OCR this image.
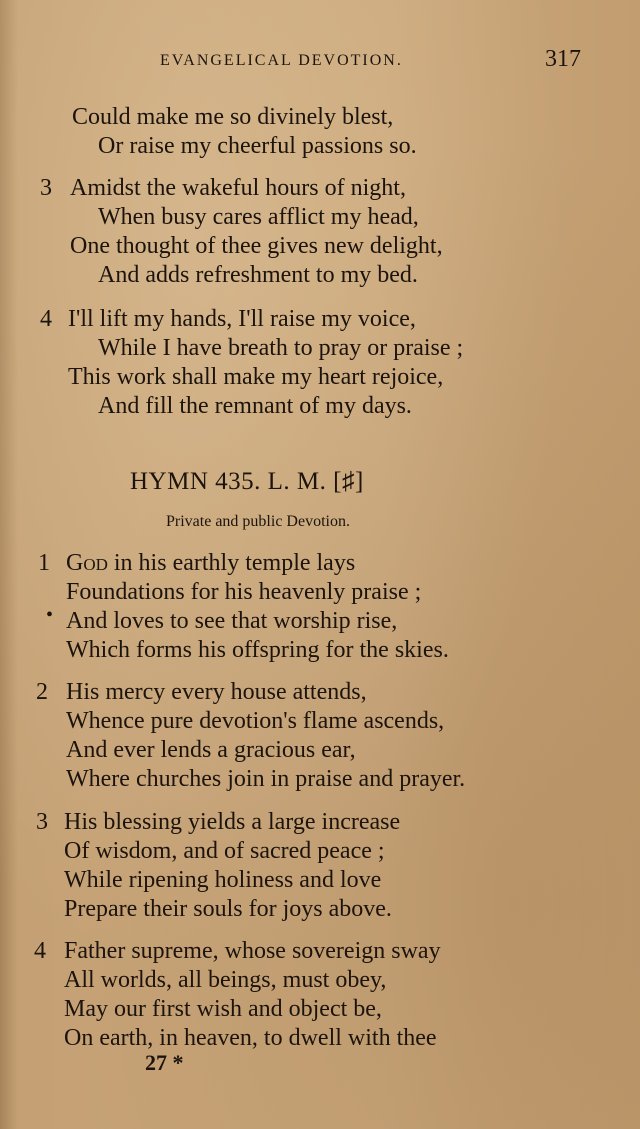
EVANGELICAL DEVOTION.	317
Could make me so divinely blest,
Or raise my cheerful passions so.
3 Amidst the wakeful hours of night,
When busy cares afflict my head,
One thought of thee gives new delight,
And adds refreshment to my bed.
4 I'll lift my hands, I'll raise my voice,
While I have breath to pray or praise ;
This work shall make my heart rejoice,
And fill the remnant of my days.
HYMN 435. L. M. [♯]
Private and public Devotion.
1 God in his earthly temple lays
Foundations for his heavenly praise ;
• And loves to see that worship rise,
Which forms his offspring for the skies.
2 His mercy every house attends,
Whence pure devotion's flame ascends,
And ever lends a gracious ear,
Where churches join in praise and prayer.
3 His blessing yields a large increase
Of wisdom, and of sacred peace ;
While ripening holiness and love
Prepare their souls for joys above.
4 Father supreme, whose sovereign sway
All worlds, all beings, must obey,
May our first wish and object be,
On earth, in heaven, to dwell with thee
27 *
